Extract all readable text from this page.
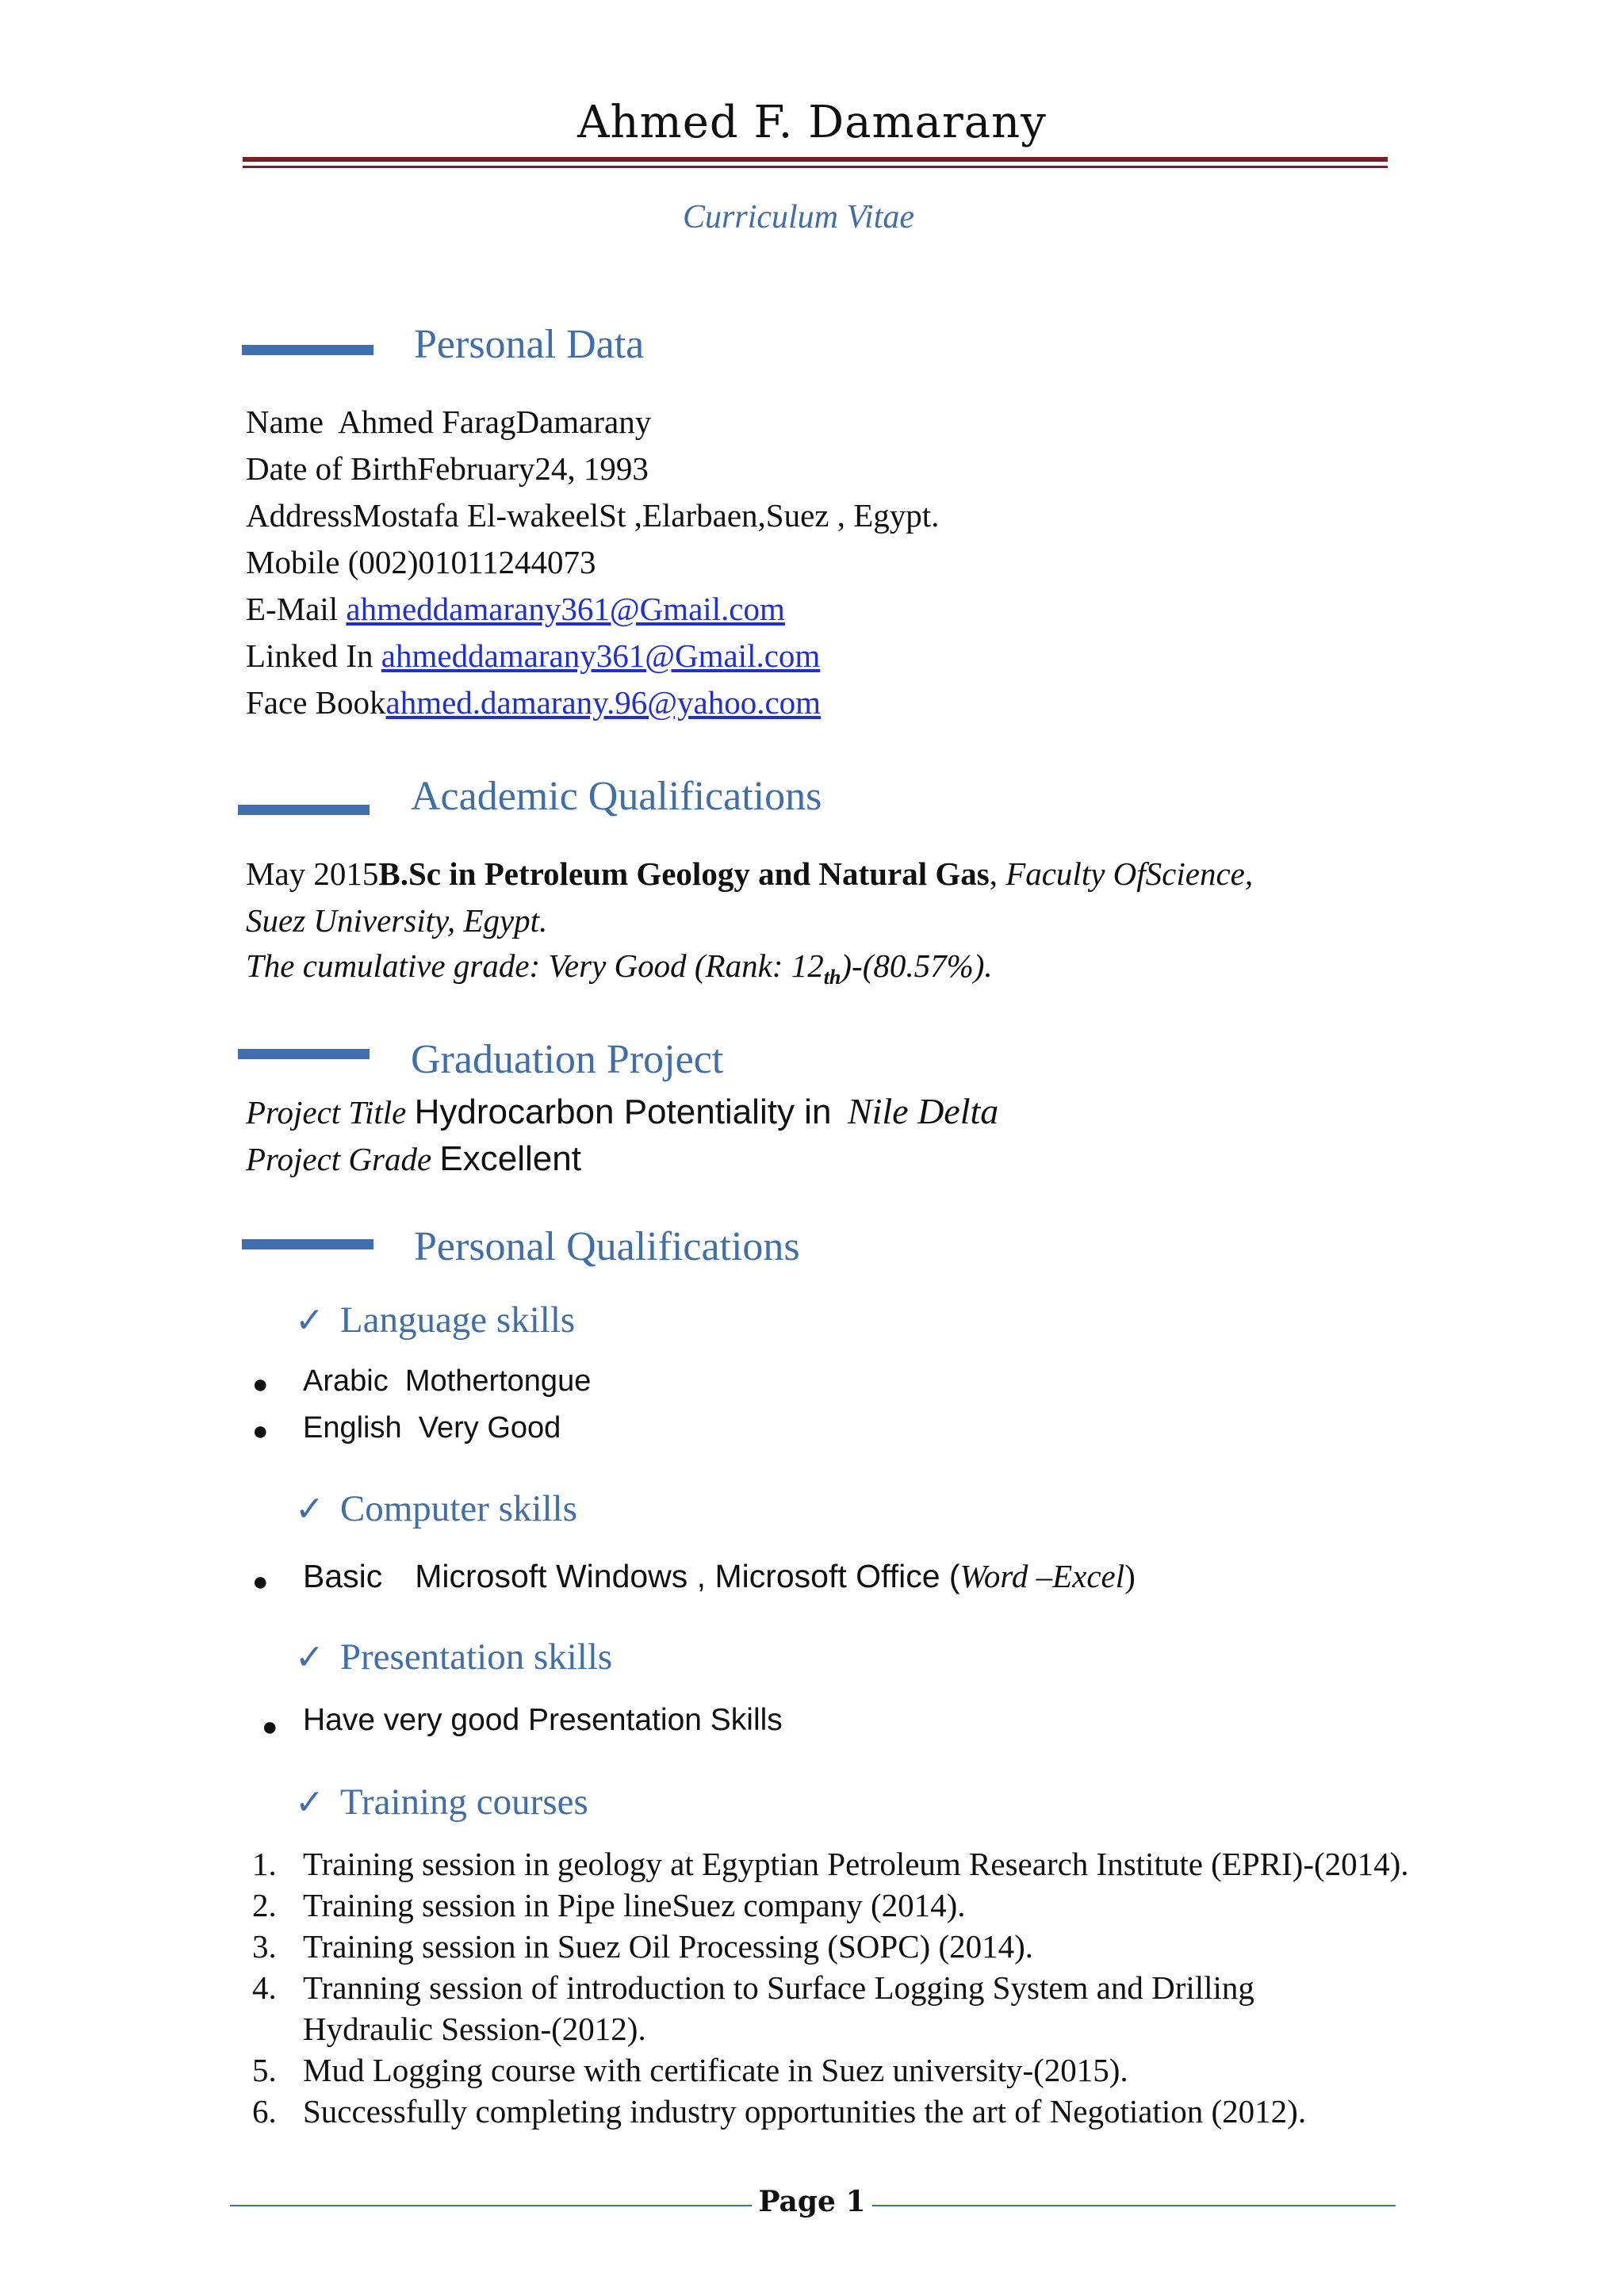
Ahmed F. Damarany
Curriculum Vitae
Personal Data
Name Ahmed FaragDamarany
Date of BirthFebruary24, 1993
AddressMostafa El-wakeelSt ,Elarbaen,Suez , Egypt.
Mobile (002)01011244073
E-Mail ahmeddamarany361@Gmail.com
Linked In ahmeddamarany361@Gmail.com
Face Bookahmed.damarany.96@yahoo.com
Academic Qualifications
May 2015B.Sc in Petroleum Geology and Natural Gas, Faculty OfScience,
Suez University, Egypt.
The cumulative grade: Very Good (Rank: $12_{th})-(80.57\%)$.
Graduation Project
Project Title Hydrocarbon Potentiality in Nile Delta
Project Grade Excellent
Personal Qualifications
✓ Language skills
● Arabic Mothertongue
● English Very Good
✓ Computer skills
● Basic Microsoft Windows , Microsoft Office (Word –Excel)
✓ Presentation skills
● Have very good Presentation Skills
✓ Training courses
1. Training session in geology at Egyptian Petroleum Research Institute (EPRI)-(2014).
2. Training session in Pipe lineSuez company (2014).
3. Training session in Suez Oil Processing (SOPC) (2014).
4. Tranning session of introduction to Surface Logging System and Drilling
Hydraulic Session-(2012).
5. Mud Logging course with certificate in Suez university-(2015).
6. Successfully completing industry opportunities the art of Negotiation (2012).
Page 1
